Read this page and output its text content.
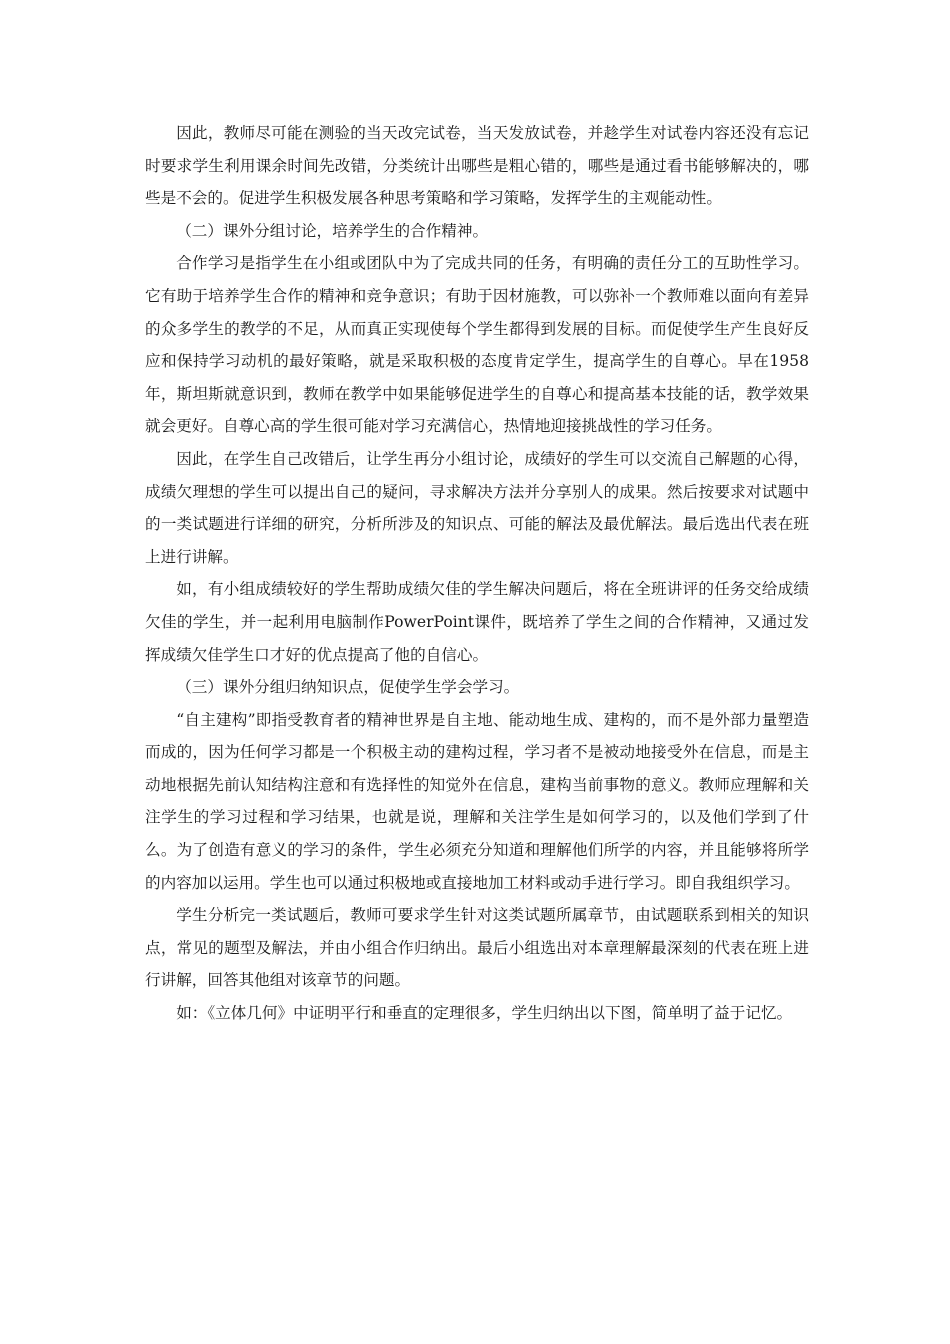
因此，教师尽可能在测验的当天改完试卷，当天发放试卷，并趁学生对试卷内容还没有忘记时要求学生利用课余时间先改错，分类统计出哪些是粗心错的，哪些是通过看书能够解决的，哪些是不会的。促进学生积极发展各种思考策略和学习策略，发挥学生的主观能动性。

（二）课外分组讨论，培养学生的合作精神。

合作学习是指学生在小组或团队中为了完成共同的任务，有明确的责任分工的互助性学习。它有助于培养学生合作的精神和竞争意识；有助于因材施教，可以弥补一个教师难以面向有差异的众多学生的教学的不足，从而真正实现使每个学生都得到发展的目标。而促使学生产生良好反应和保持学习动机的最好策略，就是采取积极的态度肯定学生，提高学生的自尊心。早在1958年，斯坦斯就意识到，教师在教学中如果能够促进学生的自尊心和提高基本技能的话，教学效果就会更好。自尊心高的学生很可能对学习充满信心，热情地迎接挑战性的学习任务。

因此，在学生自己改错后，让学生再分小组讨论，成绩好的学生可以交流自己解题的心得，成绩欠理想的学生可以提出自己的疑问，寻求解决方法并分享别人的成果。然后按要求对试题中的一类试题进行详细的研究，分析所涉及的知识点、可能的解法及最优解法。最后选出代表在班上进行讲解。

如，有小组成绩较好的学生帮助成绩欠佳的学生解决问题后，将在全班讲评的任务交给成绩欠佳的学生，并一起利用电脑制作PowerPoint课件，既培养了学生之间的合作精神，又通过发挥成绩欠佳学生口才好的优点提高了他的自信心。

（三）课外分组归纳知识点，促使学生学会学习。

“自主建构”即指受教育者的精神世界是自主地、能动地生成、建构的，而不是外部力量塑造而成的，因为任何学习都是一个积极主动的建构过程，学习者不是被动地接受外在信息，而是主动地根据先前认知结构注意和有选择性的知觉外在信息，建构当前事物的意义。教师应理解和关注学生的学习过程和学习结果，也就是说，理解和关注学生是如何学习的，以及他们学到了什么。为了创造有意义的学习的条件，学生必须充分知道和理解他们所学的内容，并且能够将所学的内容加以运用。学生也可以通过积极地或直接地加工材料或动手进行学习。即自我组织学习。

学生分析完一类试题后，教师可要求学生针对这类试题所属章节，由试题联系到相关的知识点，常见的题型及解法，并由小组合作归纳出。最后小组选出对本章理解最深刻的代表在班上进行讲解，回答其他组对该章节的问题。

如：《立体几何》中证明平行和垂直的定理很多，学生归纳出以下图，简单明了益于记忆。
